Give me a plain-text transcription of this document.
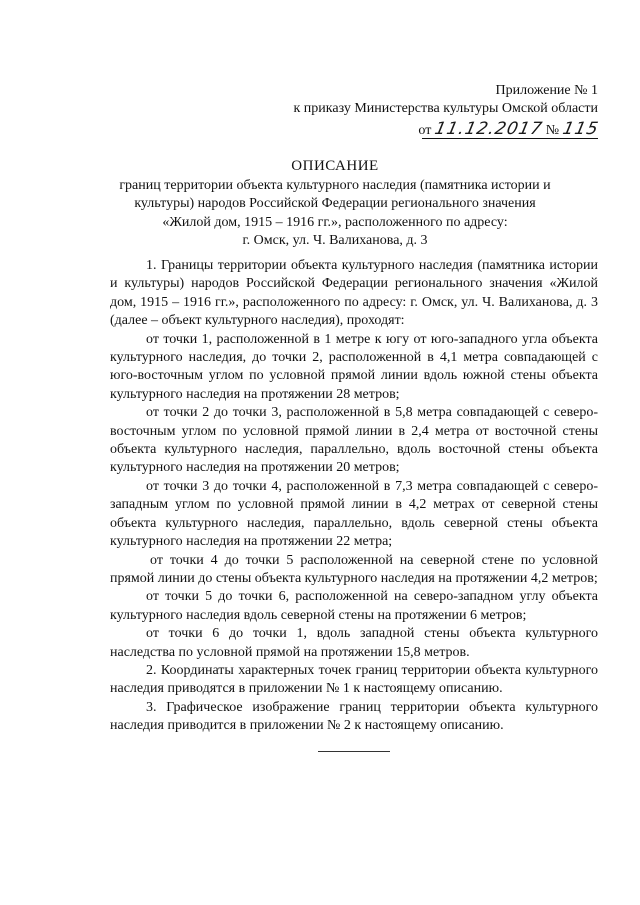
Приложение № 1
к приказу Министерства культуры Омской области
от 11.12.2017 № 115
ОПИСАНИЕ
границ территории объекта культурного наследия (памятника истории и
культуры) народов Российской Федерации регионального значения
«Жилой дом, 1915 – 1916 гг.», расположенного по адресу:
г. Омск, ул. Ч. Валиханова, д. 3

1. Границы территории объекта культурного наследия (памятника истории и культуры) народов Российской Федерации регионального значения «Жилой дом, 1915 – 1916 гг.», расположенного по адресу: г. Омск, ул. Ч. Валиханова, д. 3 (далее – объект культурного наследия), проходят:

от точки 1, расположенной в 1 метре к югу от юго-западного угла объекта культурного наследия, до точки 2, расположенной в 4,1 метра совпадающей с юго-восточным углом по условной прямой линии вдоль южной стены объекта культурного наследия на протяжении 28 метров;

от точки 2 до точки 3, расположенной в 5,8 метра совпадающей с северо-восточным углом по условной прямой линии в 2,4 метра от восточной стены объекта культурного наследия, параллельно, вдоль восточной стены объекта культурного наследия на протяжении 20 метров;

от точки 3 до точки 4, расположенной в 7,3 метра совпадающей с северо-западным углом по условной прямой линии в 4,2 метрах от северной стены объекта культурного наследия, параллельно, вдоль северной стены объекта культурного наследия на протяжении 22 метра;

от точки 4 до точки 5 расположенной на северной стене по условной прямой линии до стены объекта культурного наследия на протяжении 4,2 метров;

от точки 5 до точки 6, расположенной на северо-западном углу объекта культурного наследия вдоль северной стены на протяжении 6 метров;

от точки 6 до точки 1, вдоль западной стены объекта культурного наследства по условной прямой на протяжении 15,8 метров.

2. Координаты характерных точек границ территории объекта культурного наследия приводятся в приложении № 1 к настоящему описанию.

3. Графическое изображение границ территории объекта культурного наследия приводится в приложении № 2 к настоящему описанию.
